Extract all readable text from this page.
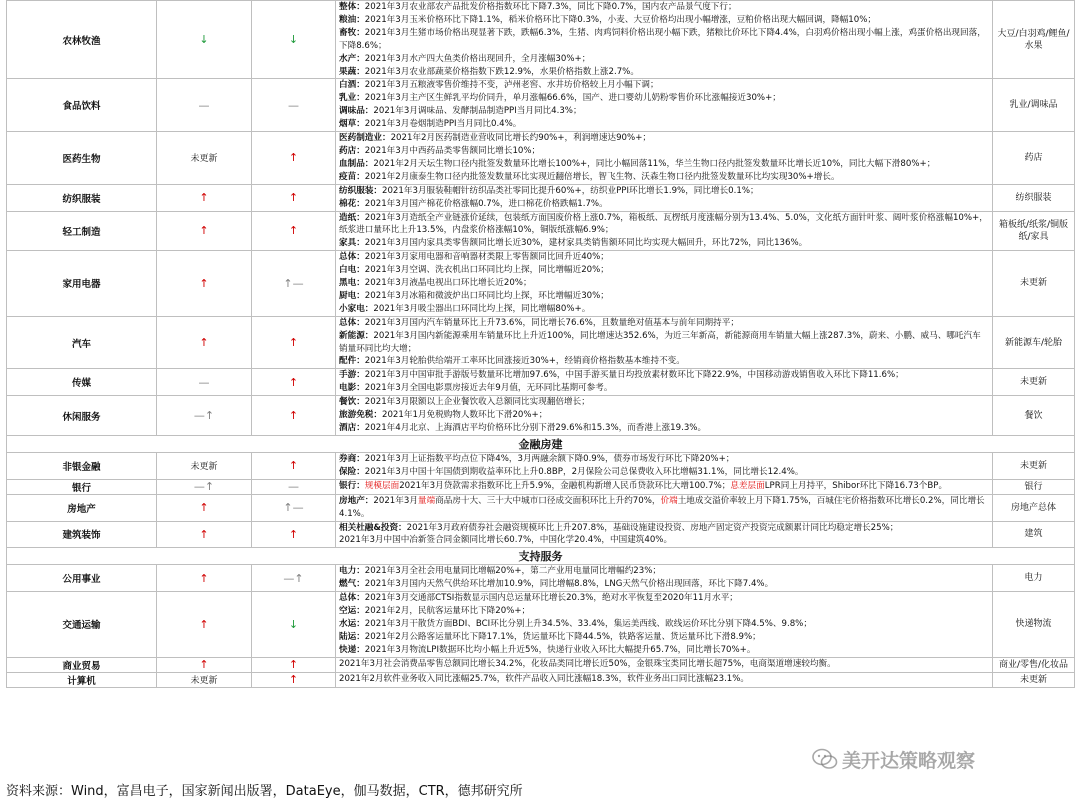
农林牧渔	↓	↓	整体：2021年3月农业部农产品批发价格指数环比下降7.3%，同比下降0.7%，国内农产品景气度下行；
粮油：2021年3月玉米价格环比下降1.1%，稻米价格环比下降0.3%，小麦、大豆价格均出现小幅增涨，豆粕价格出现大幅回调，降幅10%；
畜牧：2021年3月生猪市场价格出现显著下跌，跌幅6.3%，生猪、肉鸡饲料价格出现小幅下跌，猪粮比价环比下降4.4%，白羽鸡价格出现小幅上涨，鸡蛋价格出现回落，下降8.6%；
水产：2021年3月水产四大鱼类价格出现回升，全月涨幅30%+；
果蔬：2021年3月农业部蔬菜价格指数下跌12.9%，水果价格指数上涨2.7%。	大豆/白羽鸡/鲤鱼/水果
食品饮料	—	—	白酒：2021年3月五粮液零售价维持不变，泸州老窖、水井坊价格较上月小幅下调；
乳业：2021年3月主产区生鲜乳平均价同升，单月涨幅66.6%，国产、进口婴幼儿奶粉零售价环比涨幅接近30%+；
调味品：2021年3月调味品、发酵制品制造PPI当月同比4.3%；
烟草：2021年3月卷烟制造PPI当月同比0.4%。	乳业/调味品
医药生物	未更新	↑	医药制造业：2021年2月医药制造业营收同比增长约90%+，利润增速达90%+；
药店：2021年3月中西药品类零售额同比增长10%；
血制品：2021年2月天坛生物口径内批签发数量环比增长100%+，同比小幅回落11%，华兰生物口径内批签发数量环比增长近10%，同比大幅下滑80%+；
疫苗：2021年2月康泰生物口径内批签发数量环比实现近翻倍增长，智飞生物、沃森生物口径内批签发数量环比均实现30%+增长。	药店
纺织服装	↑	↑	纺织服装：2021年3月服装鞋帽针纺织品类社零同比提升60%+，纺织业PPI环比增长1.9%，同比增长0.1%；
棉花：2021年3月国产棉花价格涨幅0.7%，进口棉花价格跌幅1.7%。	纺织服装
轻工制造	↑	↑	造纸：2021年3月造纸全产业链涨价延续，包装纸方面国废价格上涨0.7%，箱板纸、瓦楞纸月度涨幅分别为13.4%、5.0%，文化纸方面针叶浆、阔叶浆价格涨幅10%+，纸浆进口量环比上升13.5%，内盘浆价格涨幅10%，铜版纸涨幅6.9%；
家具：2021年3月国内家具类零售额同比增长近30%，建材家具类销售额环同比均实现大幅回升，环比72%，同比136%。	箱板纸/纸浆/铜版纸/家具
家用电器	↑	↑—	总体：2021年3月家用电器和音响器材类限上零售额同比回升近40%；
白电：2021年3月空调、洗衣机出口环同比均上探，同比增幅近20%；
黑电：2021年3月液晶电视出口环比增长近20%；
厨电：2021年3月冰箱和微波炉出口环同比均上探，环比增幅近30%；
小家电：2021年3月吸尘器出口环同比均上探，同比增幅80%+。	未更新
汽车	↑	↑	总体：2021年3月国内汽车销量环比上升73.6%，同比增长76.6%，且数量绝对值基本与前年同期持平；
新能源：2021年3月国内新能源乘用车销量环比上升近100%，同比增速达352.6%，为近三年新高，新能源商用车销量大幅上涨287.3%，蔚来、小鹏、威马、哪吒汽车销量环同比均大增；
配件：2021年3月轮胎供给端开工率环比回涨接近30%+，经销商价格指数基本维持不变。	新能源车/轮胎
传媒	—	↑	手游：2021年3月中国审批手游版号数量环比增加97.6%，中国手游买量日均投放素材数环比下降22.9%，中国移动游戏销售收入环比下降11.6%；
电影：2021年3月全国电影票房接近去年9月值，无环同比基期可参考。	未更新
休闲服务	—↑	↑	餐饮：2021年3月限额以上企业餐饮收入总额同比实现翻倍增长；
旅游免税：2021年1月免税购物人数环比下滑20%+；
酒店：2021年4月北京、上海酒店平均价格环比分别下滑29.6%和15.3%，而香港上涨19.3%。	餐饮
金融房建				
非银金融	未更新	↑	券商：2021年3月上证指数平均点位下降4%，3月两融余额下降0.9%，债券市场发行环比下降20%+；
保险：2021年3月中国十年国债到期收益率环比上升0.8BP，2月保险公司总保费收入环比增幅31.1%，同比增长12.4%。	未更新
银行	—↑	—	银行：规模层面2021年3月贷款需求指数环比上升5.9%，金融机构新增人民币贷款环比大增100.7%；息差层面LPR同上月持平，Shibor环比下降16.73个BP。	银行
房地产	↑	↑—	房地产：2021年3月量端商品房十大、三十大中城市口径成交面积环比上升约70%，价端土地成交溢价率较上月下降1.75%，百城住宅价格指数环比增长0.2%，同比增长4.1%。	房地产总体
建筑装饰	↑	↑	相关杜融&投资：2021年3月政府债券社会融资规模环比上升207.8%，基础设施建设投资、房地产固定资产投资完成额累计同比均稳定增长25%；
2021年3月中国中冶新签合同金额同比增长60.7%，中国化学20.4%，中国建筑40%。	建筑
支持服务				
公用事业	↑	—↑	电力：2021年3月全社会用电量同比增幅20%+，第二产业用电量同比增幅约23%；
燃气：2021年3月国内天然气供给环比增加10.9%，同比增幅8.8%，LNG天然气价格出现回落，环比下降7.4%。	电力
交通运输	↑	↓	总体：2021年3月交通部CTSI指数显示国内总运量环比增长20.3%，绝对水平恢复至2020年11月水平；
空运：2021年2月，民航客运量环比下降20%+；
水运：2021年3月干散货方面BDI、BCI环比分别上升34.5%、33.4%，集运美西线、欧线运价环比分别下降4.5%、9.8%；
陆运：2021年2月公路客运量环比下降17.1%，货运量环比下降44.5%，铁路客运量、货运量环比下滑8.9%；
快递：2021年3月物流LPI数据环比均小幅上升近5%，快递行业收入环比大幅提升65.7%，同比增长70%+。	快递物流
商业贸易	↑	↑	2021年3月社会消费品零售总额同比增长34.2%，化妆品类同比增长近50%，金银珠宝类同比增长超75%，电商渠道增速较均衡。	商业/零售/化妆品
计算机	未更新	↑	2021年2月软件业务收入同比涨幅25.7%，软件产品收入同比涨幅18.3%，软件业务出口同比涨幅23.1%。	未更新
资料来源：Wind，富昌电子，国家新闻出版署，DataEye，伽马数据，CTR，德邦研究所
美开达策略观察
